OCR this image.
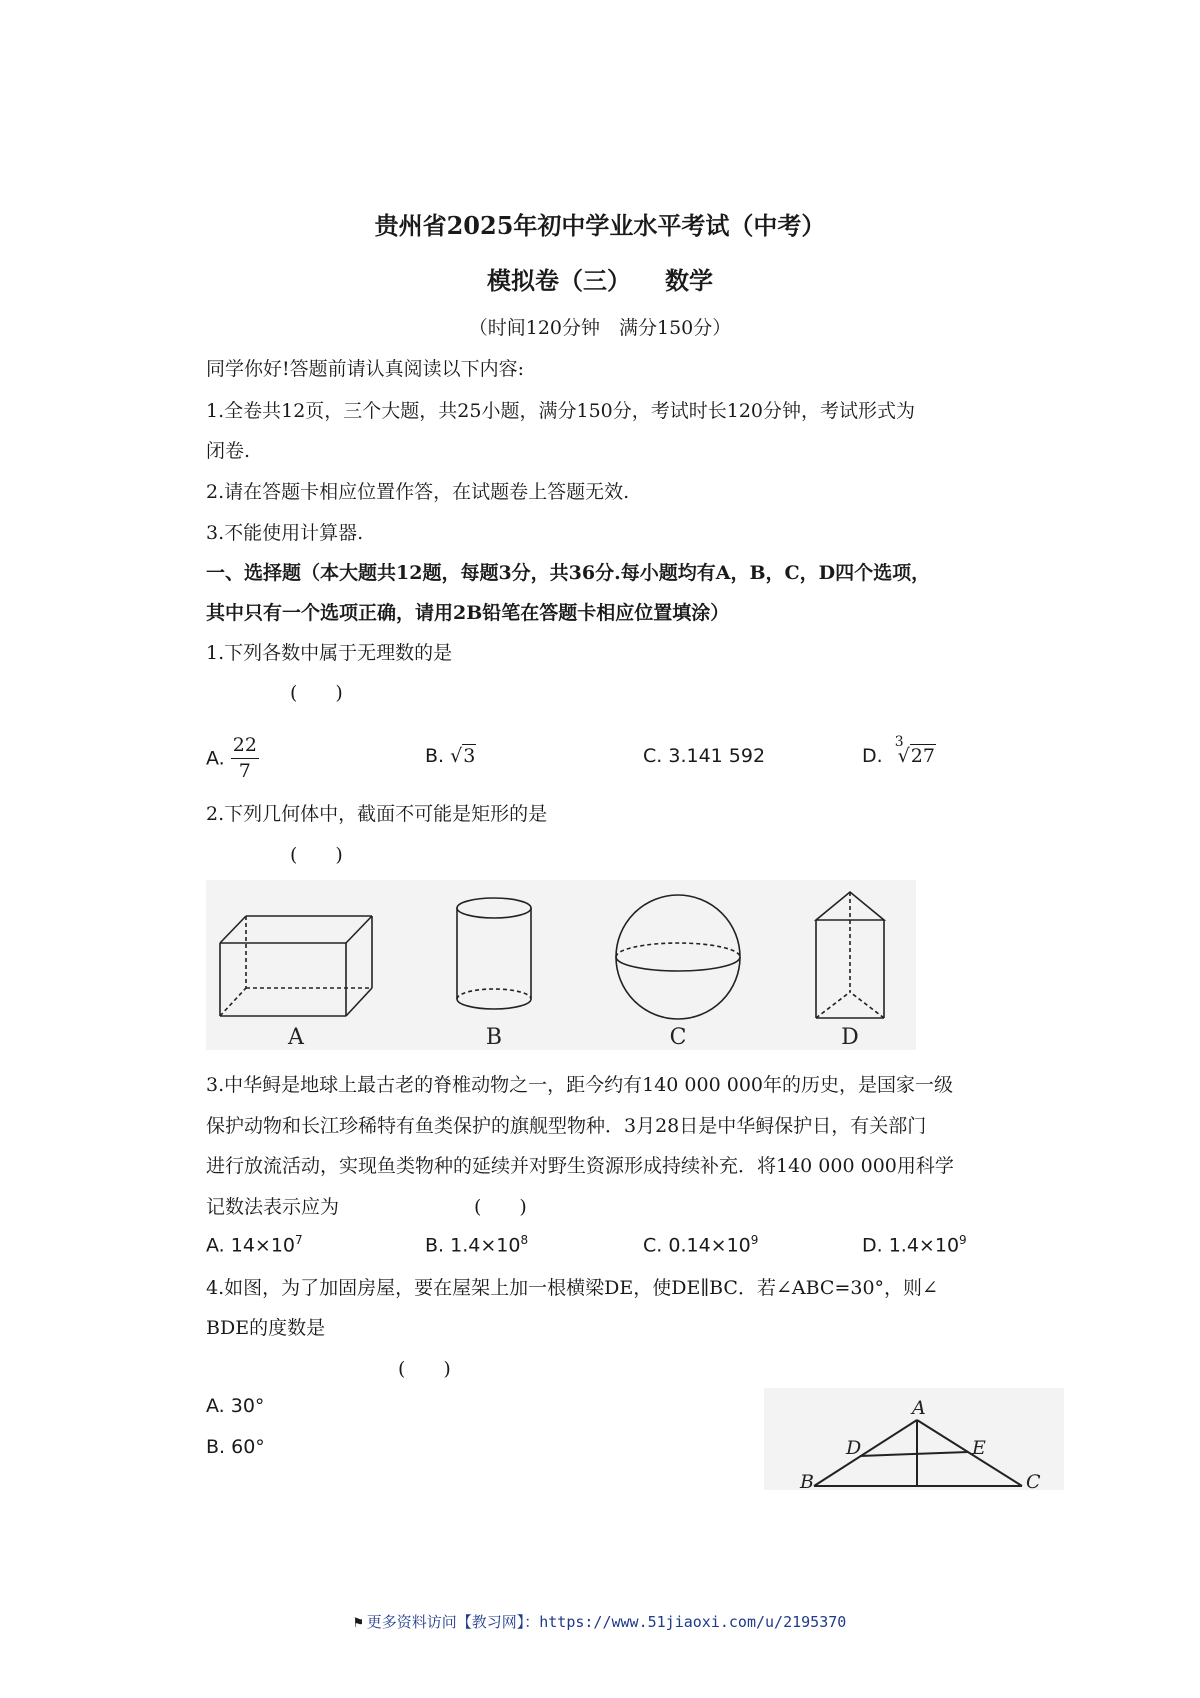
贵州省2025年初中学业水平考试（中考）
模拟卷（三） 数学
（时间120分钟　满分150分）
同学你好!答题前请认真阅读以下内容:
1.全卷共12页，三个大题，共25小题，满分150分，考试时长120分钟，考试形式为
闭卷.
2.请在答题卡相应位置作答，在试题卷上答题无效.
3.不能使用计算器.
一、选择题（本大题共12题，每题3分，共36分.每小题均有A，B，C，D四个选项，
其中只有一个选项正确，请用2B铅笔在答题卡相应位置填涂）
1.下列各数中属于无理数的是
(　　)
A. $\frac{22}{7}$	B. √3	C. 3.141 592	D. $^3$√27
2.下列几何体中，截面不可能是矩形的是
(　　)
A	B	C	D
3.中华鲟是地球上最古老的脊椎动物之一，距今约有140 000 000年的历史，是国家一级
保护动物和长江珍稀特有鱼类保护的旗舰型物种．3月28日是中华鲟保护日，有关部门
进行放流活动，实现鱼类物种的延续并对野生资源形成持续补充．将140 000 000用科学
记数法表示应为	(　　)
A. $14\times 10^7$	B. $1.4\times 10^8$	C. $0.14\times 10^9$	D. $1.4\times 10^9$
4.如图，为了加固房屋，要在屋架上加一根横梁DE，使DE∥BC．若∠ABC=30°，则∠
BDE的度数是
(　　)
A. 30°
B. 60°
A
B	C
D	E
⚑ 更多资料访问【教习网】：https://www.51jiaoxi.com/u/2195370
